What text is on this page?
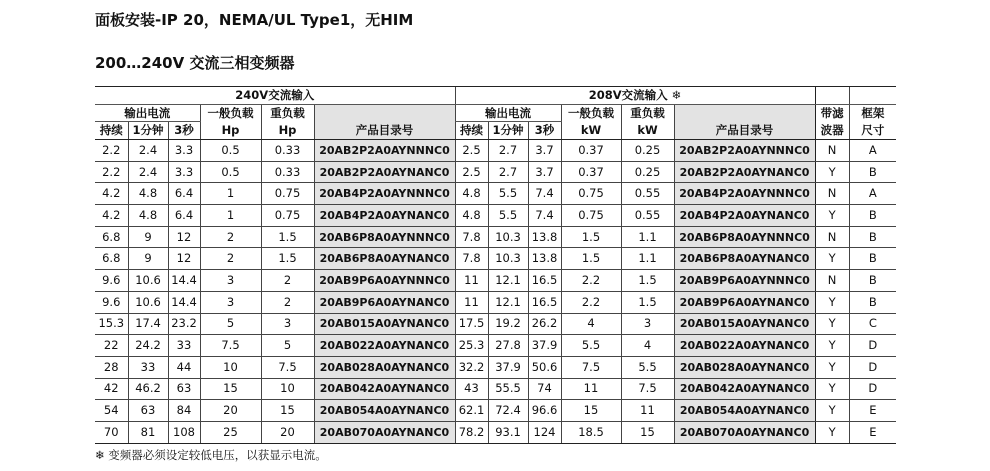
面板安装-IP 20，NEMA/UL Type1，无HIM
200…240V 交流三相变频器
240V交流输入						208V交流输入 ❄							
输出电流			一般负载	重负载		输出电流			一般负载	重负载		带滤	框架
持续	1分钟	3秒	Hp	Hp	产品目录号	持续	1分钟	3秒	kW	kW	产品目录号	波器	尺寸
2.2	2.4	3.3	0.5	0.33	20AB2P2A0AYNNNC0	2.5	2.7	3.7	0.37	0.25	20AB2P2A0AYNNNC0	N	A
2.2	2.4	3.3	0.5	0.33	20AB2P2A0AYNANC0	2.5	2.7	3.7	0.37	0.25	20AB2P2A0AYNANC0	Y	B
4.2	4.8	6.4	1	0.75	20AB4P2A0AYNNNC0	4.8	5.5	7.4	0.75	0.55	20AB4P2A0AYNNNC0	N	A
4.2	4.8	6.4	1	0.75	20AB4P2A0AYNANC0	4.8	5.5	7.4	0.75	0.55	20AB4P2A0AYNANC0	Y	B
6.8	9	12	2	1.5	20AB6P8A0AYNNNC0	7.8	10.3	13.8	1.5	1.1	20AB6P8A0AYNNNC0	N	B
6.8	9	12	2	1.5	20AB6P8A0AYNANC0	7.8	10.3	13.8	1.5	1.1	20AB6P8A0AYNANC0	Y	B
9.6	10.6	14.4	3	2	20AB9P6A0AYNNNC0	11	12.1	16.5	2.2	1.5	20AB9P6A0AYNNNC0	N	B
9.6	10.6	14.4	3	2	20AB9P6A0AYNANC0	11	12.1	16.5	2.2	1.5	20AB9P6A0AYNANC0	Y	B
15.3	17.4	23.2	5	3	20AB015A0AYNANC0	17.5	19.2	26.2	4	3	20AB015A0AYNANC0	Y	C
22	24.2	33	7.5	5	20AB022A0AYNANC0	25.3	27.8	37.9	5.5	4	20AB022A0AYNANC0	Y	D
28	33	44	10	7.5	20AB028A0AYNANC0	32.2	37.9	50.6	7.5	5.5	20AB028A0AYNANC0	Y	D
42	46.2	63	15	10	20AB042A0AYNANC0	43	55.5	74	11	7.5	20AB042A0AYNANC0	Y	D
54	63	84	20	15	20AB054A0AYNANC0	62.1	72.4	96.6	15	11	20AB054A0AYNANC0	Y	E
70	81	108	25	20	20AB070A0AYNANC0	78.2	93.1	124	18.5	15	20AB070A0AYNANC0	Y	E
❄ 变频器必须设定较低电压，以获显示电流。
